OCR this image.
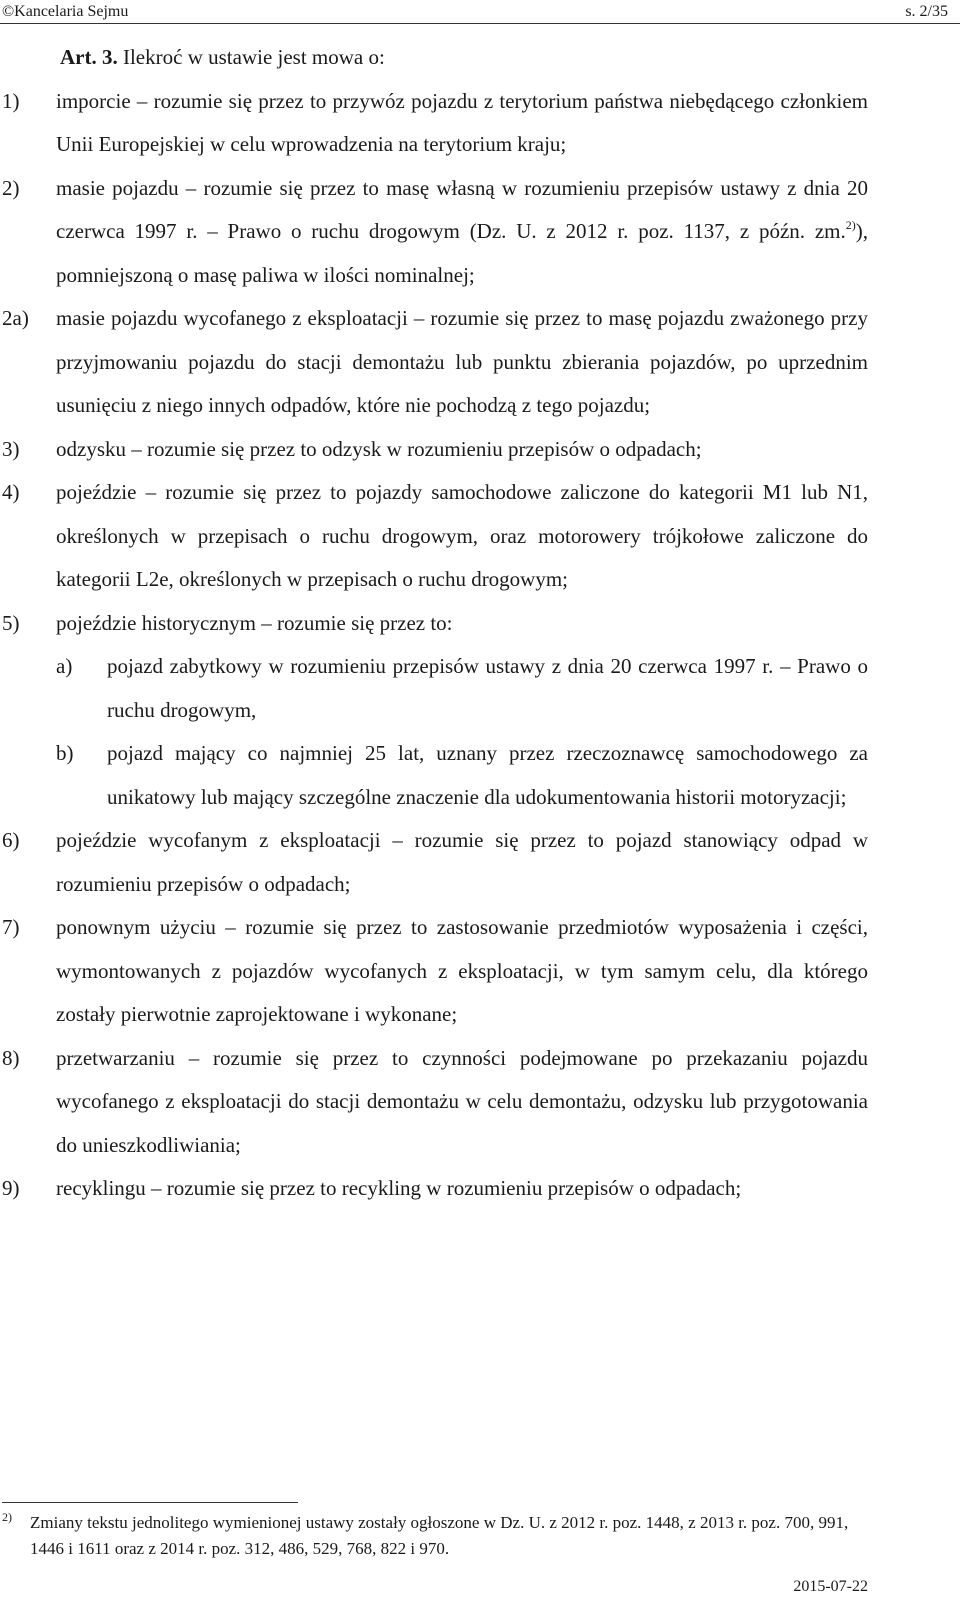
©Kancelaria Sejmu	s. 2/35
Art. 3. Ilekroć w ustawie jest mowa o:
1) imporcie – rozumie się przez to przywóz pojazdu z terytorium państwa niebędącego członkiem Unii Europejskiej w celu wprowadzenia na terytorium kraju;
2) masie pojazdu – rozumie się przez to masę własną w rozumieniu przepisów ustawy z dnia 20 czerwca 1997 r. – Prawo o ruchu drogowym (Dz. U. z 2012 r. poz. 1137, z późn. zm.$^{2)}$), pomniejszoną o masę paliwa w ilości nominalnej;
2a) masie pojazdu wycofanego z eksploatacji – rozumie się przez to masę pojazdu zważonego przy przyjmowaniu pojazdu do stacji demontażu lub punktu zbierania pojazdów, po uprzednim usunięciu z niego innych odpadów, które nie pochodzą z tego pojazdu;
3) odzysku – rozumie się przez to odzysk w rozumieniu przepisów o odpadach;
4) pojeździe – rozumie się przez to pojazdy samochodowe zaliczone do kategorii M1 lub N1, określonych w przepisach o ruchu drogowym, oraz motorowery trójkołowe zaliczone do kategorii L2e, określonych w przepisach o ruchu drogowym;
5) pojeździe historycznym – rozumie się przez to:
a) pojazd zabytkowy w rozumieniu przepisów ustawy z dnia 20 czerwca 1997 r. – Prawo o ruchu drogowym,
b) pojazd mający co najmniej 25 lat, uznany przez rzeczoznawcę samochodowego za unikatowy lub mający szczególne znaczenie dla udokumentowania historii motoryzacji;
6) pojeździe wycofanym z eksploatacji – rozumie się przez to pojazd stanowiący odpad w rozumieniu przepisów o odpadach;
7) ponownym użyciu – rozumie się przez to zastosowanie przedmiotów wyposażenia i części, wymontowanych z pojazdów wycofanych z eksploatacji, w tym samym celu, dla którego zostały pierwotnie zaprojektowane i wykonane;
8) przetwarzaniu – rozumie się przez to czynności podejmowane po przekazaniu pojazdu wycofanego z eksploatacji do stacji demontażu w celu demontażu, odzysku lub przygotowania do unieszkodliwiania;
9) recyklingu – rozumie się przez to recykling w rozumieniu przepisów o odpadach;
2)	Zmiany tekstu jednolitego wymienionej ustawy zostały ogłoszone w Dz. U. z 2012 r. poz. 1448, z 2013 r. poz. 700, 991, 1446 i 1611 oraz z 2014 r. poz. 312, 486, 529, 768, 822 i 970.
2015-07-22
